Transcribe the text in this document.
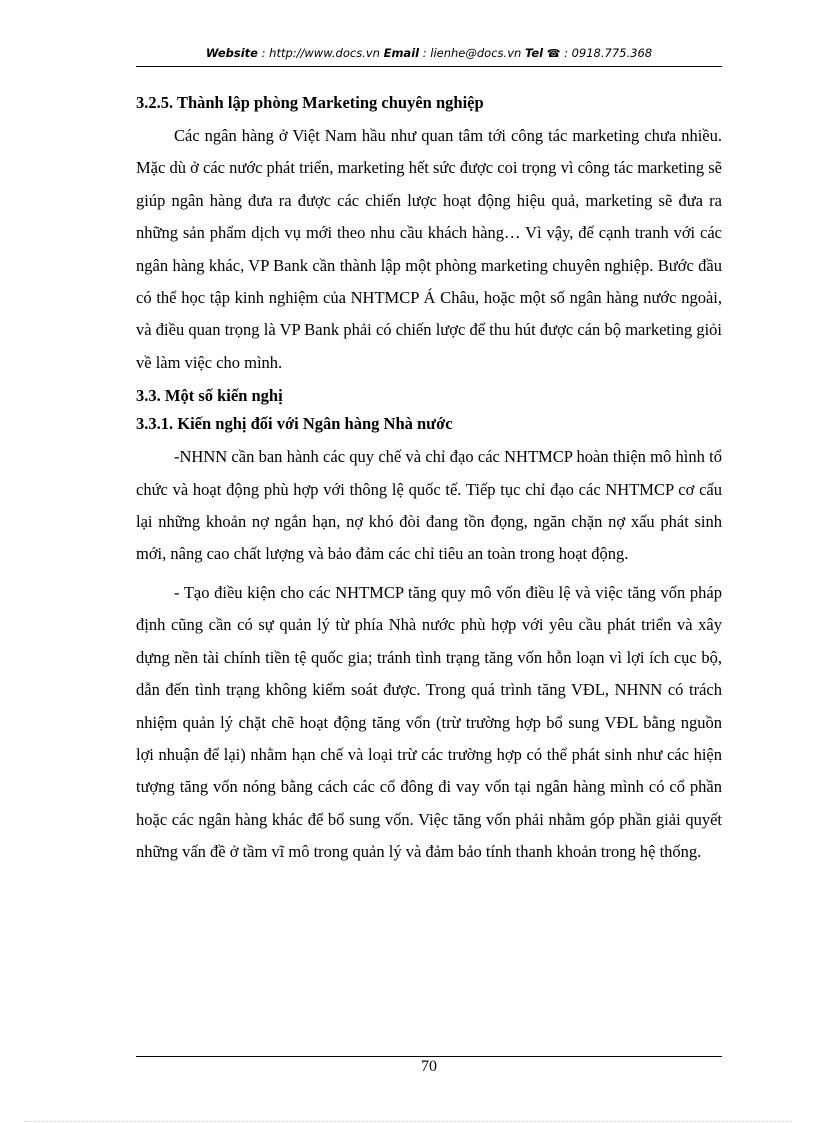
Website : http://www.docs.vn Email : lienhe@docs.vn Tel ☎ : 0918.775.368

3.2.5. Thành lập phòng Marketing chuyên nghiệp

Các ngân hàng ở Việt Nam hầu như quan tâm tới công tác marketing chưa nhiều. Mặc dù ở các nước phát triển, marketing hết sức được coi trọng vì công tác marketing sẽ giúp ngân hàng đưa ra được các chiến lược hoạt động hiệu quả, marketing sẽ đưa ra những sản phẩm dịch vụ mới theo nhu cầu khách hàng… Vì vậy, để cạnh tranh với các ngân hàng khác, VP Bank cần thành lập một phòng marketing chuyên nghiệp. Bước đầu có thể học tập kinh nghiệm của NHTMCP Á Châu, hoặc một số ngân hàng nước ngoài, và điều quan trọng là VP Bank phải có chiến lược để thu hút được cán bộ marketing giỏi về làm việc cho mình.

3.3. Một số kiến nghị

3.3.1. Kiến nghị đối với Ngân hàng Nhà nước

-NHNN cần ban hành các quy chế và chỉ đạo các NHTMCP hoàn thiện mô hình tổ chức và hoạt động phù hợp với thông lệ quốc tế. Tiếp tục chỉ đạo các NHTMCP cơ cấu lại những khoản nợ ngắn hạn, nợ khó đòi đang tồn đọng, ngăn chặn nợ xấu phát sinh mới, nâng cao chất lượng và bảo đảm các chỉ tiêu an toàn trong hoạt động.

- Tạo điều kiện cho các NHTMCP tăng quy mô vốn điều lệ và việc tăng vốn pháp định cũng cần có sự quản lý từ phía Nhà nước phù hợp với yêu cầu phát triển và xây dựng nền tài chính tiền tệ quốc gia; tránh tình trạng tăng vốn hỗn loạn vì lợi ích cục bộ, dẫn đến tình trạng không kiểm soát được. Trong quá trình tăng VĐL, NHNN có trách nhiệm quản lý chặt chẽ hoạt động tăng vốn (trừ trường hợp bổ sung VĐL bằng nguồn lợi nhuận để lại) nhằm hạn chế và loại trừ các trường hợp có thể phát sinh như các hiện tượng tăng vốn nóng bằng cách các cổ đông đi vay vốn tại ngân hàng mình có cổ phần hoặc các ngân hàng khác để bổ sung vốn. Việc tăng vốn phải nhằm góp phần giải quyết những vấn đề ở tầm vĩ mô trong quản lý và đảm bảo tính thanh khoản trong hệ thống.

70
